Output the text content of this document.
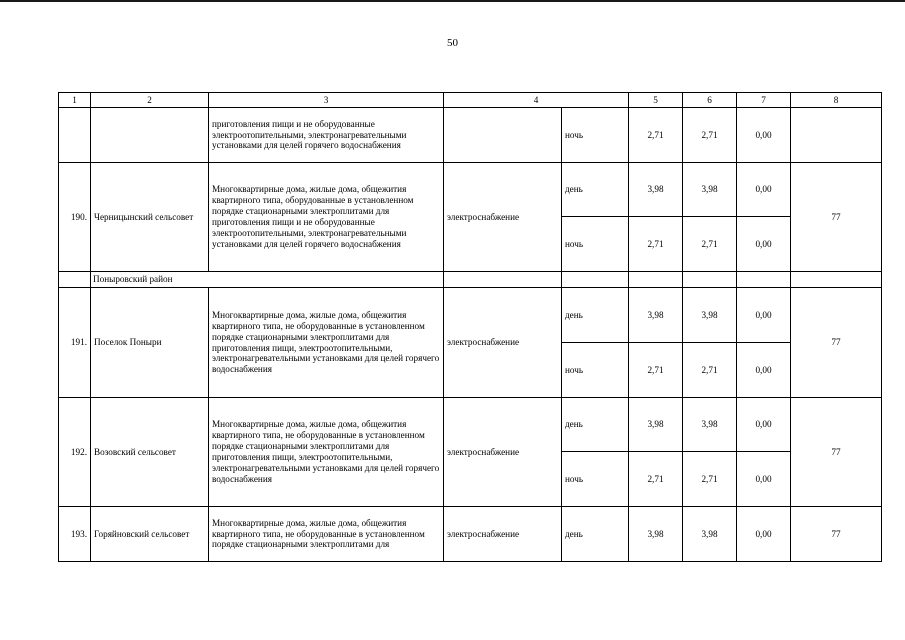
50
1	2	3	4		5	6	7	8
		приготовления пищи и не оборудованные электроотопительными, электронагревательными установками для целей горячего водоснабжения		ночь	2,71	2,71	0,00	
190.	Черницынский сельсовет	Многоквартирные дома, жилые дома, общежития квартирного типа, оборудованные в установленном порядке стационарными электроплитами для приготовления пищи и не оборудованные электроотопительными, электронагревательными установками для целей горячего водоснабжения	электроснабжение	день	3,98	3,98	0,00	77
				ночь	2,71	2,71	0,00	
	Поныровский район							
191.	Поселок Поныри	Многоквартирные дома, жилые дома, общежития квартирного типа, не оборудованные в установленном порядке стационарными электроплитами для приготовления пищи, электроотопительными, электронагревательными установками для целей горячего водоснабжения	электроснабжение	день	3,98	3,98	0,00	77
				ночь	2,71	2,71	0,00	
192.	Возовский сельсовет	Многоквартирные дома, жилые дома, общежития квартирного типа, не оборудованные в установленном порядке стационарными электроплитами для приготовления пищи, электроотопительными, электронагревательными установками для целей горячего водоснабжения	электроснабжение	день	3,98	3,98	0,00	77
				ночь	2,71	2,71	0,00	
193.	Горяйновский сельсовет	Многоквартирные дома, жилые дома, общежития квартирного типа, не оборудованные в установленном порядке стационарными электроплитами для	электроснабжение	день	3,98	3,98	0,00	77
